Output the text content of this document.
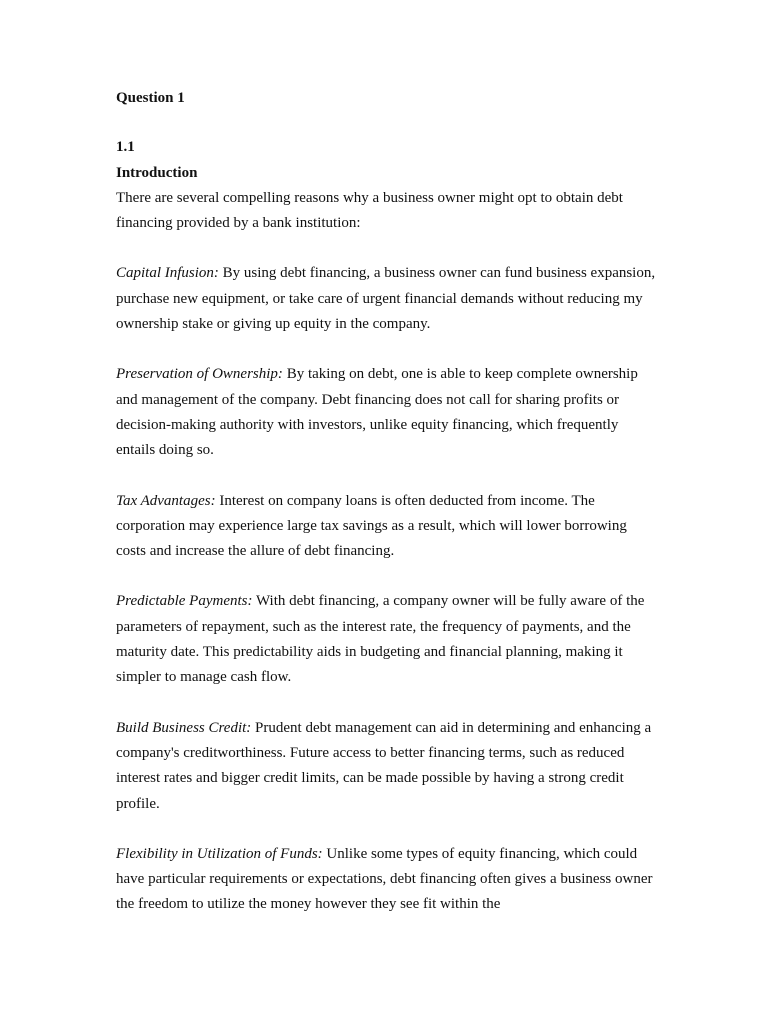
Question 1

1.1

Introduction

There are several compelling reasons why a business owner might opt to obtain debt financing provided by a bank institution:

Capital Infusion: By using debt financing, a business owner can fund business expansion, purchase new equipment, or take care of urgent financial demands without reducing my ownership stake or giving up equity in the company.

Preservation of Ownership: By taking on debt, one is able to keep complete ownership and management of the company. Debt financing does not call for sharing profits or decision-making authority with investors, unlike equity financing, which frequently entails doing so.

Tax Advantages: Interest on company loans is often deducted from income. The corporation may experience large tax savings as a result, which will lower borrowing costs and increase the allure of debt financing.

Predictable Payments: With debt financing, a company owner will be fully aware of the parameters of repayment, such as the interest rate, the frequency of payments, and the maturity date. This predictability aids in budgeting and financial planning, making it simpler to manage cash flow.

Build Business Credit: Prudent debt management can aid in determining and enhancing a company's creditworthiness. Future access to better financing terms, such as reduced interest rates and bigger credit limits, can be made possible by having a strong credit profile.

Flexibility in Utilization of Funds: Unlike some types of equity financing, which could have particular requirements or expectations, debt financing often gives a business owner the freedom to utilize the money however they see fit within the
